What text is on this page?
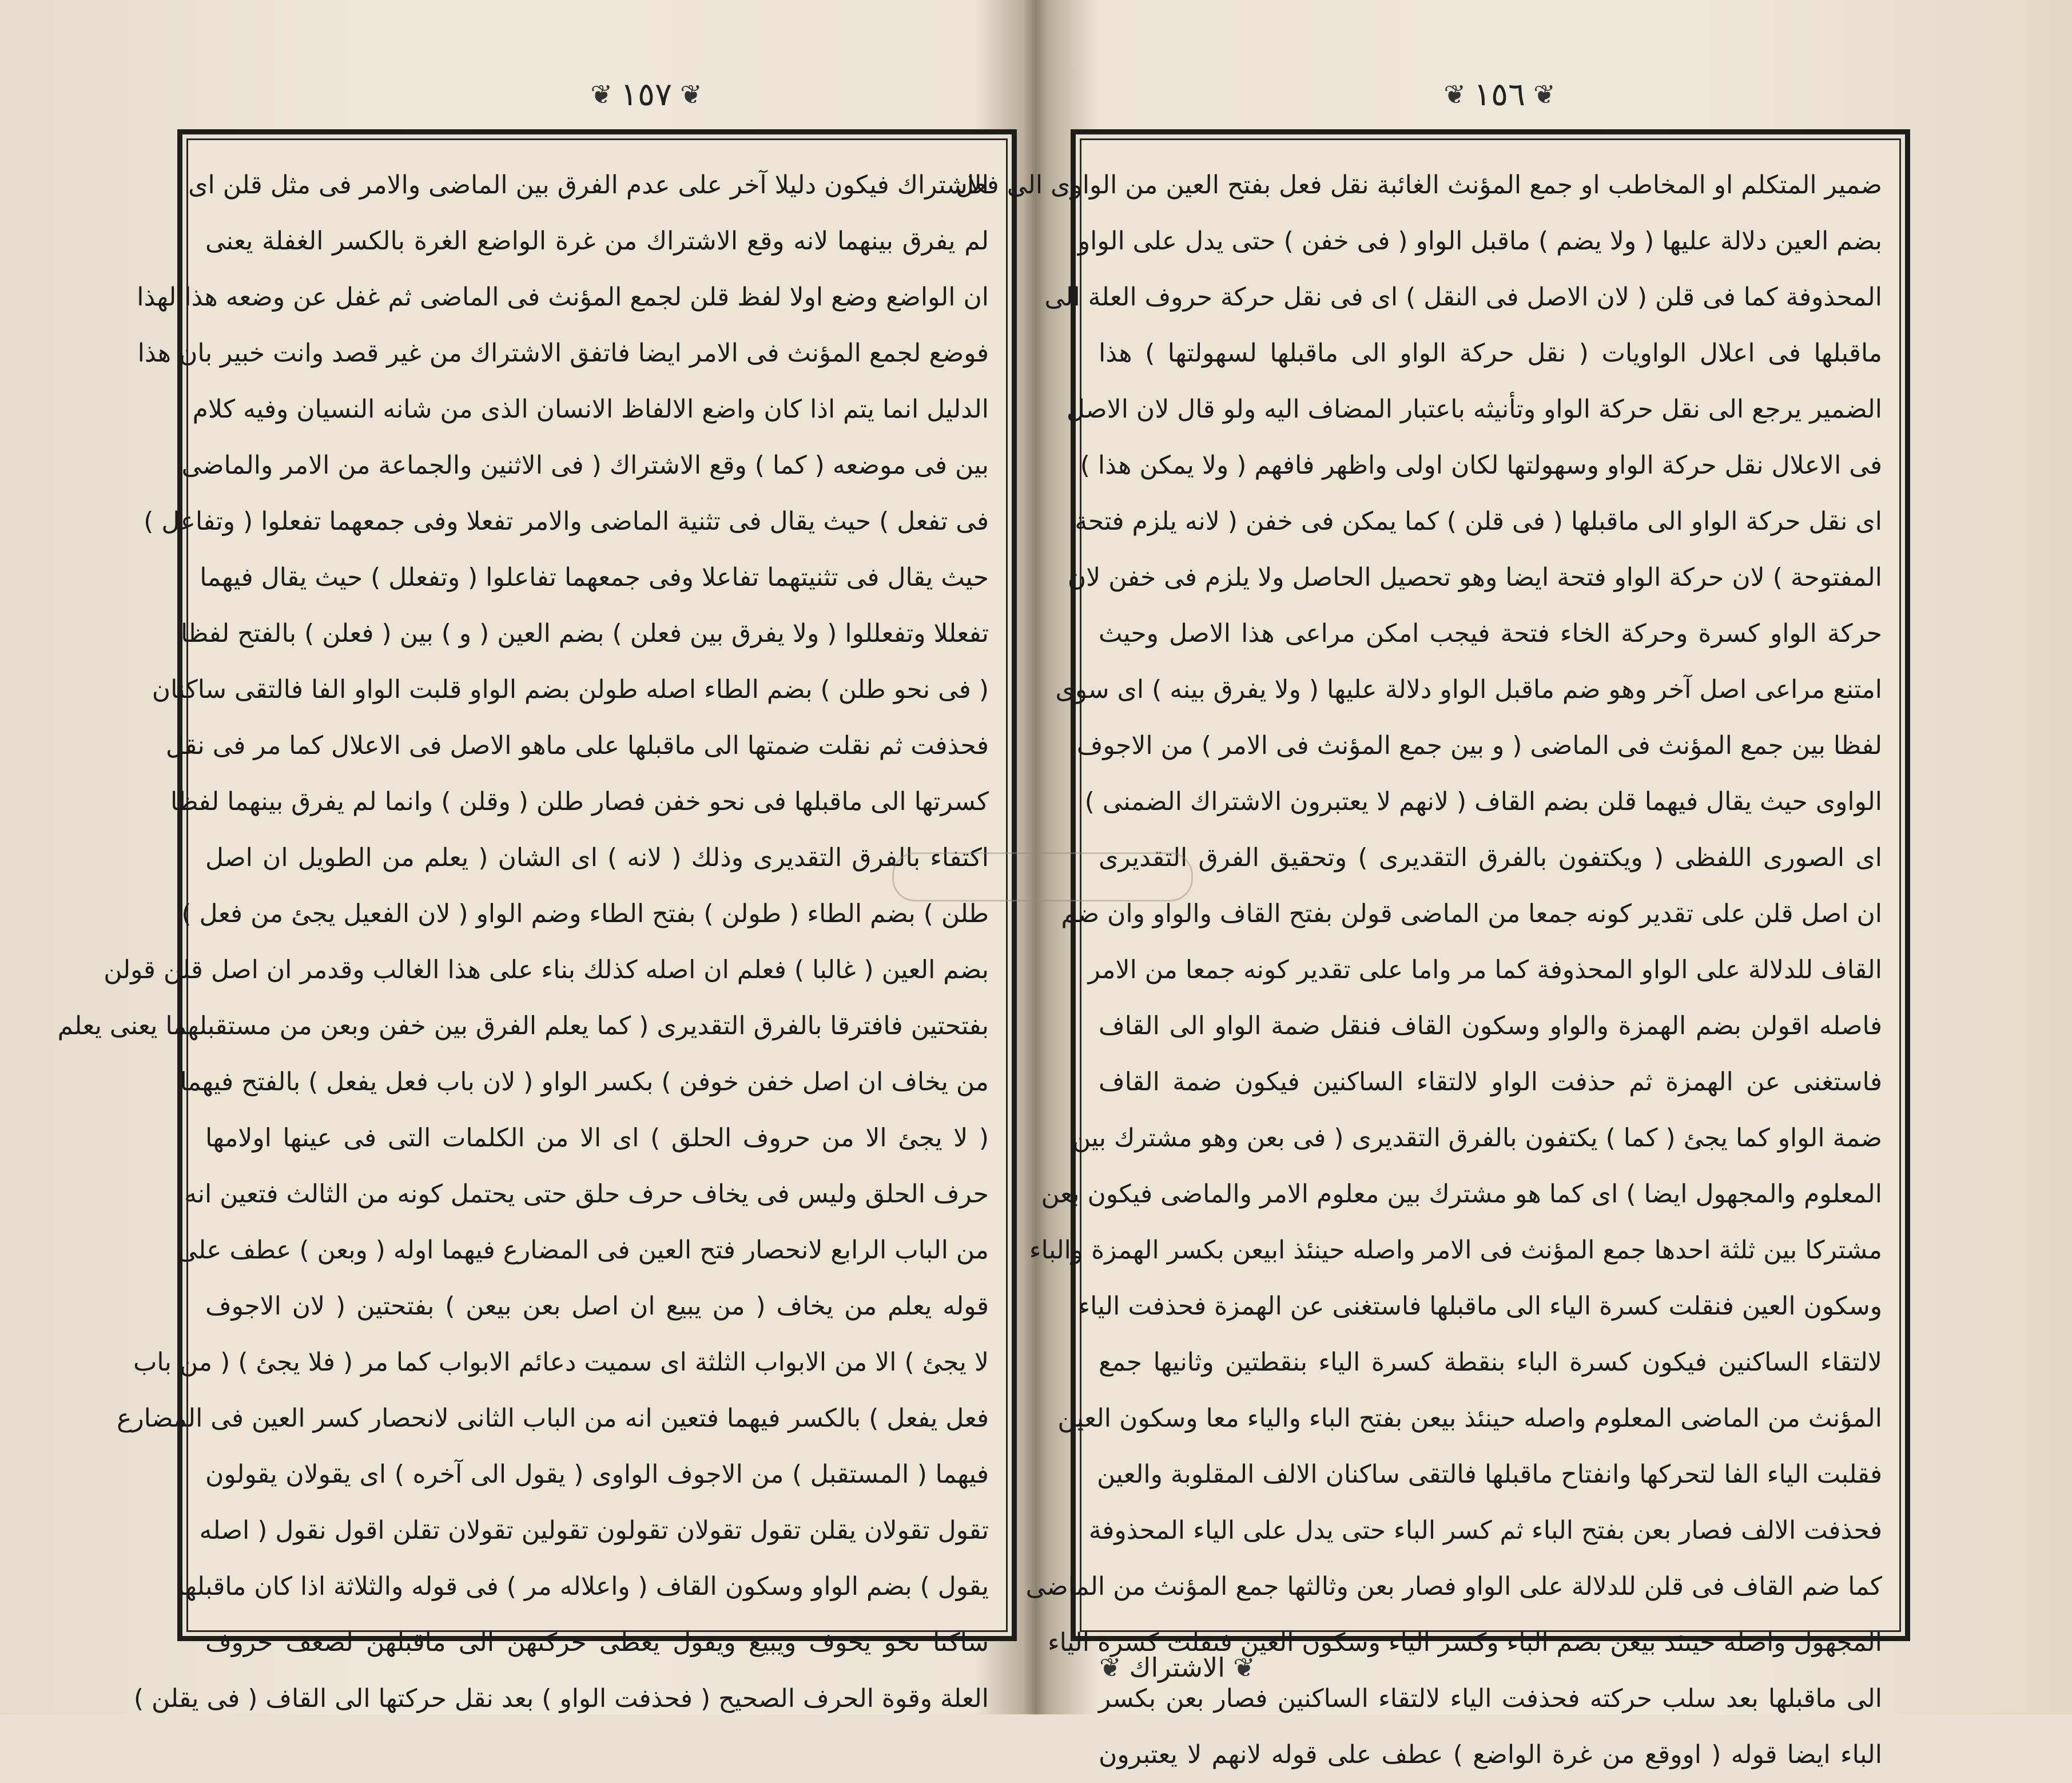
❦
١٥٧
❦
الاشتراك فيكون دليلا آخر على عدم الفرق بين الماضى والامر فى مثل قلن اى
لم يفرق بينهما لانه وقع الاشتراك من غرة الواضع الغرة بالكسر الغفلة يعنى
ان الواضع وضع اولا لفظ قلن لجمع المؤنث فى الماضى ثم غفل عن وضعه هذا لهذا
فوضع لجمع المؤنث فى الامر ايضا فاتفق الاشتراك من غير قصد وانت خبير بان هذا
الدليل انما يتم اذا كان واضع الالفاظ الانسان الذى من شانه النسيان وفيه كلام
بين فى موضعه ( كما ) وقع الاشتراك ( فى الاثنين والجماعة من الامر والماضى
فى تفعل ) حيث يقال فى تثنية الماضى والامر تفعلا وفى جمعهما تفعلوا ( وتفاعل )
حيث يقال فى تثنيتهما تفاعلا وفى جمعهما تفاعلوا ( وتفعلل ) حيث يقال فيهما
تفعللا وتفعللوا ( ولا يفرق بين فعلن ) بضم العين ( و ) بين ( فعلن ) بالفتح لفظا
( فى نحو طلن ) بضم الطاء اصله طولن بضم الواو قلبت الواو الفا فالتقى ساكنان
فحذفت ثم نقلت ضمتها الى ماقبلها على ماهو الاصل فى الاعلال كما مر فى نقل
كسرتها الى ماقبلها فى نحو خفن فصار طلن ( وقلن ) وانما لم يفرق بينهما لفظا
اكتفاء بالفرق التقديرى وذلك ( لانه ) اى الشان ( يعلم من الطويل ان اصل
طلن ) بضم الطاء ( طولن ) بفتح الطاء وضم الواو ( لان الفعيل يجئ من فعل )
بضم العين ( غالبا ) فعلم ان اصله كذلك بناء على هذا الغالب وقدمر ان اصل قلن قولن
بفتحتين فافترقا بالفرق التقديرى ( كما يعلم الفرق بين خفن وبعن من مستقبلهما يعنى يعلم
من يخاف ان اصل خفن خوفن ) بكسر الواو ( لان باب فعل يفعل ) بالفتح فيهما
( لا يجئ الا من حروف الحلق ) اى الا من الكلمات التى فى عينها اولامها
حرف الحلق وليس فى يخاف حرف حلق حتى يحتمل كونه من الثالث فتعين انه
من الباب الرابع لانحصار فتح العين فى المضارع فيهما اوله ( وبعن ) عطف على
قوله يعلم من يخاف ( من يبيع ان اصل بعن بيعن ) بفتحتين ( لان الاجوف
لا يجئ ) الا من الابواب الثلثة اى سميت دعائم الابواب كما مر ( فلا يجئ ) ( من باب
فعل يفعل ) بالكسر فيهما فتعين انه من الباب الثانى لانحصار كسر العين فى المضارع
فيهما ( المستقبل ) من الاجوف الواوى ( يقول الى آخره ) اى يقولان يقولون
تقول تقولان يقلن تقول تقولان تقولون تقولين تقولان تقلن اقول نقول ( اصله
يقول ) بضم الواو وسكون القاف ( واعلاله مر ) فى قوله والثلاثة اذا كان ماقبلها
ساكنا نحو يخوف ويبيع ويقول يعطى حركتهن الى ماقبلهن لضعف حروف
العلة وقوة الحرف الصحيح ( فحذفت الواو ) بعد نقل حركتها الى القاف ( فى يقلن )
❦
١٥٦
❦
ضمير المتكلم او المخاطب او جمع المؤنث الغائبة نقل فعل بفتح العين من الواوى الى فعل
بضم العين دلالة عليها ( ولا يضم ) ماقبل الواو ( فى خفن ) حتى يدل على الواو
المحذوفة كما فى قلن ( لان الاصل فى النقل ) اى فى نقل حركة حروف العلة الى
ماقبلها فى اعلال الواويات ( نقل حركة الواو الى ماقبلها لسهولتها ) هذا
الضمير يرجع الى نقل حركة الواو وتأنيثه باعتبار المضاف اليه ولو قال لان الاصل
فى الاعلال نقل حركة الواو وسهولتها لكان اولى واظهر فافهم ( ولا يمكن هذا )
اى نقل حركة الواو الى ماقبلها ( فى قلن ) كما يمكن فى خفن ( لانه يلزم فتحة
المفتوحة ) لان حركة الواو فتحة ايضا وهو تحصيل الحاصل ولا يلزم فى خفن لان
حركة الواو كسرة وحركة الخاء فتحة فيجب امكن مراعى هذا الاصل وحيث
امتنع مراعى اصل آخر وهو ضم ماقبل الواو دلالة عليها ( ولا يفرق بينه ) اى سوى
لفظا بين جمع المؤنث فى الماضى ( و بين جمع المؤنث فى الامر ) من الاجوف
الواوى حيث يقال فيهما قلن بضم القاف ( لانهم لا يعتبرون الاشتراك الضمنى )
اى الصورى اللفظى ( ويكتفون بالفرق التقديرى ) وتحقيق الفرق التقديرى
ان اصل قلن على تقدير كونه جمعا من الماضى قولن بفتح القاف والواو وان ضم
القاف للدلالة على الواو المحذوفة كما مر واما على تقدير كونه جمعا من الامر
فاصله اقولن بضم الهمزة والواو وسكون القاف فنقل ضمة الواو الى القاف
فاستغنى عن الهمزة ثم حذفت الواو لالتقاء الساكنين فيكون ضمة القاف
ضمة الواو كما يجئ ( كما ) يكتفون بالفرق التقديرى ( فى بعن وهو مشترك بين
المعلوم والمجهول ايضا ) اى كما هو مشترك بين معلوم الامر والماضى فيكون بعن
مشتركا بين ثلثة احدها جمع المؤنث فى الامر واصله حينئذ ابيعن بكسر الهمزة والباء
وسكون العين فنقلت كسرة الياء الى ماقبلها فاستغنى عن الهمزة فحذفت الياء
لالتقاء الساكنين فيكون كسرة الباء بنقطة كسرة الياء بنقطتين وثانيها جمع
المؤنث من الماضى المعلوم واصله حينئذ بيعن بفتح الباء والياء معا وسكون العين
فقلبت الياء الفا لتحركها وانفتاح ماقبلها فالتقى ساكنان الالف المقلوبة والعين
فحذفت الالف فصار بعن بفتح الباء ثم كسر الباء حتى يدل على الياء المحذوفة
كما ضم القاف فى قلن للدلالة على الواو فصار بعن وثالثها جمع المؤنث من الماضى
المجهول واصله حينئذ بيعن بضم الباء وكسر الياء وسكون العين فنقلت كسرة الياء
الى ماقبلها بعد سلب حركته فحذفت الياء لالتقاء الساكنين فصار بعن بكسر
الباء ايضا قوله ( اووقع من غرة الواضع ) عطف على قوله لانهم لا يعتبرون
❦
الاشتراك
❦
